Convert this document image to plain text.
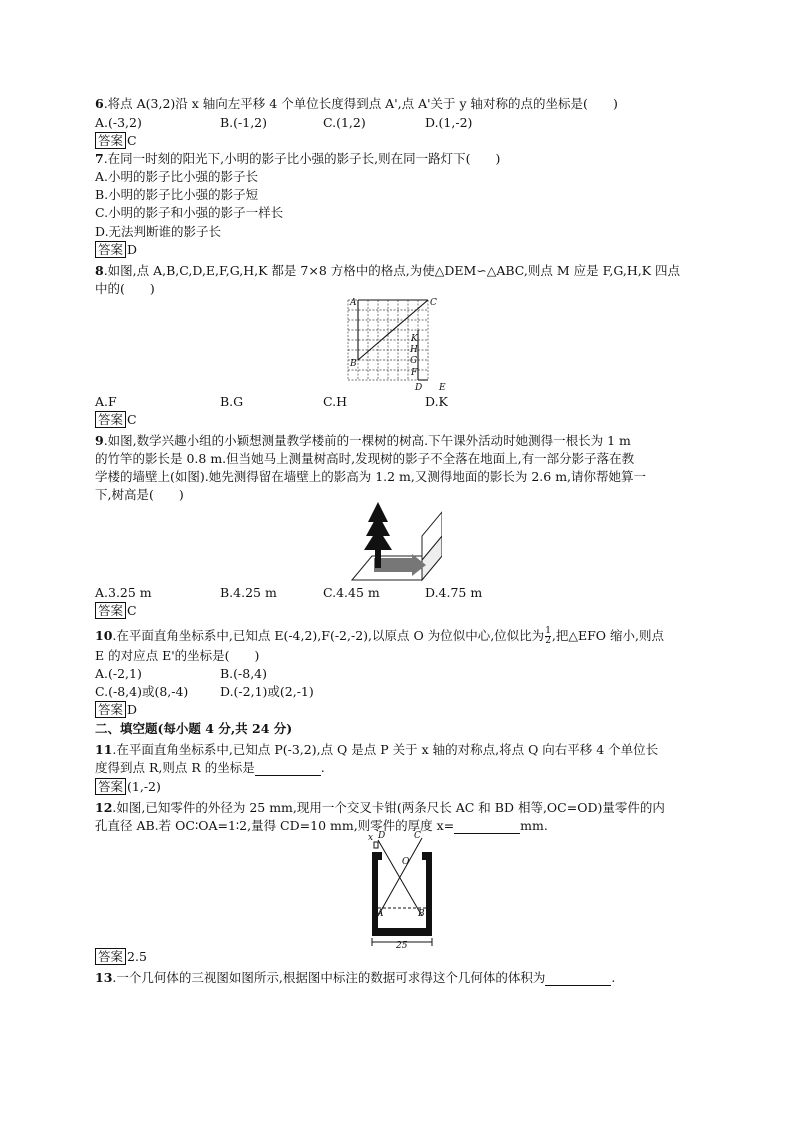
6.将点 A(3,2)沿 x 轴向左平移 4 个单位长度得到点 A',点 A'关于 y 轴对称的点的坐标是(　　)
A.(-3,2)	B.(-1,2)	C.(1,2)	D.(1,-2)
答案 C
7.在同一时刻的阳光下,小明的影子比小强的影子长,则在同一路灯下(　　)
A.小明的影子比小强的影子长
B.小明的影子比小强的影子短
C.小明的影子和小强的影子一样长
D.无法判断谁的影子长
答案 D
8.如图,点 A,B,C,D,E,F,G,H,K 都是 7×8 方格中的格点,为使△DEM∽△ABC,则点 M 应是 F,G,H,K 四点
中的(　　)
A	C
B
K
H
G
F
D E
A.F	B.G	C.H	D.K
答案 C
9.如图,数学兴趣小组的小颖想测量教学楼前的一棵树的树高.下午课外活动时她测得一根长为 1 m
的竹竿的影长是 0.8 m.但当她马上测量树高时,发现树的影子不全落在地面上,有一部分影子落在教
学楼的墙壁上(如图).她先测得留在墙壁上的影高为 1.2 m,又测得地面的影长为 2.6 m,请你帮她算一
下,树高是(　　)
A.3.25 m	B.4.25 m	C.4.45 m	D.4.75 m
答案 C
10.在平面直角坐标系中,已知点 E(-4,2),F(-2,-2),以原点 O 为位似中心,位似比为 $\frac{1}{2}$ ,把△EFO 缩小,则点
E 的对应点 E'的坐标是(　　)
A.(-2,1)	B.(-8,4)
C.(-8,4)或(8,-4)	D.(-2,1)或(2,-1)
答案 D
二、填空题(每小题 4 分,共 24 分)
11.在平面直角坐标系中,已知点 P(-3,2),点 Q 是点 P 关于 x 轴的对称点,将点 Q 向右平移 4 个单位长
度得到点 R,则点 R 的坐标是	.
答案 (1,-2)
12.如图,已知零件的外径为 25 mm,现用一个交叉卡钳(两条尺长 AC 和 BD 相等,OC=OD)量零件的内
孔直径 AB.若 OC∶OA=1∶2,量得 CD=10 mm,则零件的厚度 x=	mm.
x D	C
O
A	B
25
答案 2.5
13.一个几何体的三视图如图所示,根据图中标注的数据可求得这个几何体的体积为	.
